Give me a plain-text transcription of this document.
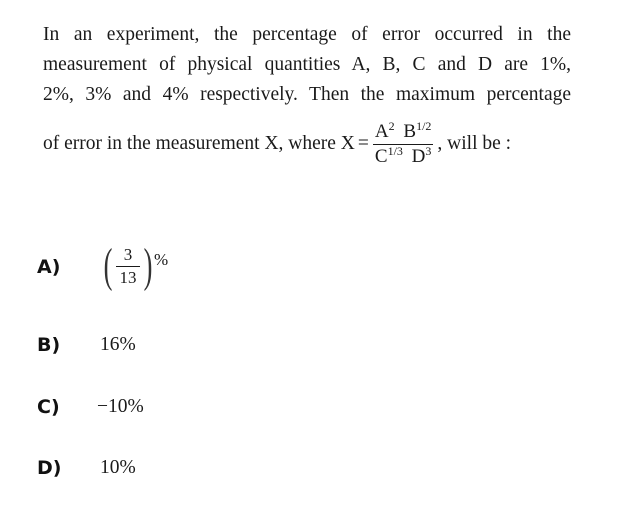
In an experiment, the percentage of error occurred in the
measurement of physical quantities A, B, C and D are 1%,
2%, 3% and 4% respectively. Then the maximum percentage
of error in the measurement X, where $X = \frac{A^2 B^{1/2}}{C^{1/3} D^3}$ , will be :
A) ( 3
13 ) %
B) 16%
C) −10%
D) 10%
